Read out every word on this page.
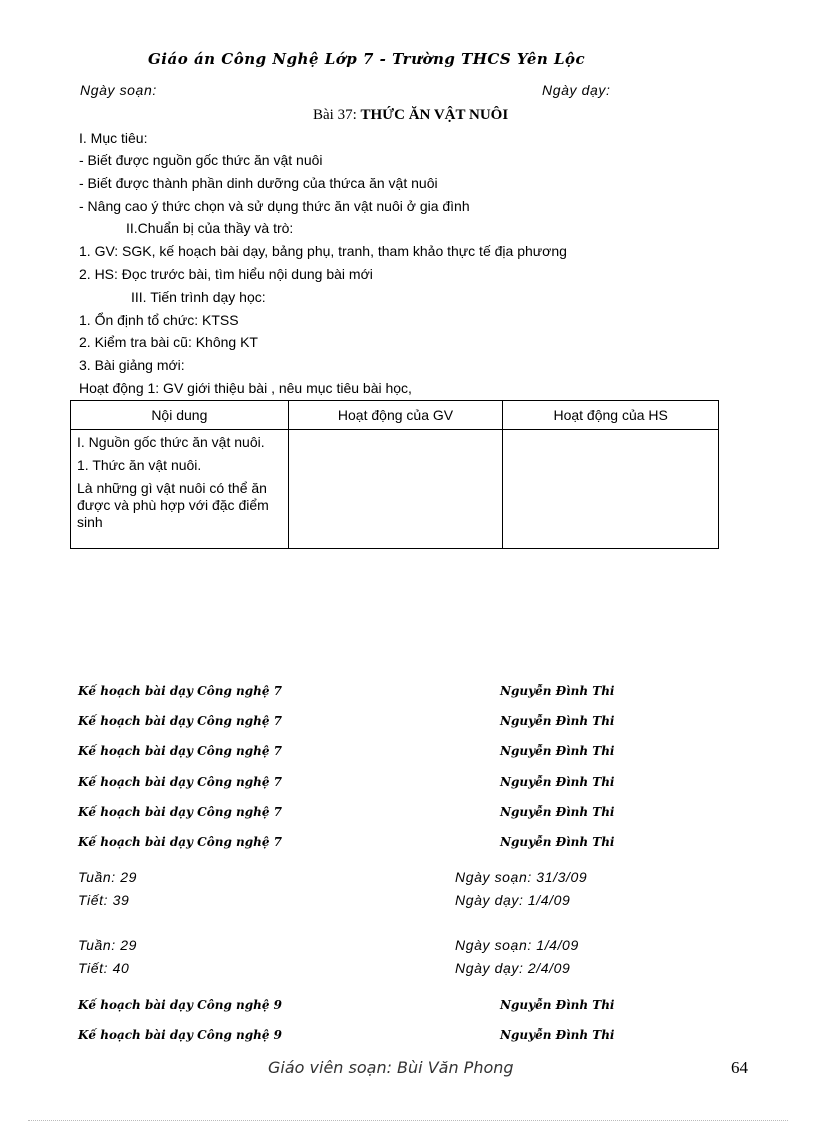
Giáo án Công Nghệ Lớp 7 - Trường THCS Yên Lộc
Ngày soạn:	Ngày dạy:
Bài 37: THỨC ĂN VẬT NUÔI
I. Mục tiêu:
- Biết được nguồn gốc thức ăn vật nuôi
- Biết được thành phần dinh dưỡng của thứca ăn vật nuôi
- Nâng cao ý thức chọn và sử dụng thức ăn vật nuôi ở gia đình
II.Chuẩn bị của thầy và trò:
1. GV: SGK, kế hoạch bài dạy, bảng phụ, tranh, tham khảo thực tế địa phương
2. HS: Đọc trước bài, tìm hiểu nội dung bài mới
III. Tiến trình dạy học:
1. Ổn định tổ chức: KTSS
2. Kiểm tra bài cũ: Không KT
3. Bài giảng mới:
Hoạt động 1: GV giới thiệu bài , nêu mục tiêu bài học,
Nội dung	Hoạt động của GV	Hoạt động của HS

I. Nguồn gốc thức ăn vật nuôi.

1. Thức ăn vật nuôi.

Là những gì vật nuôi có thể ăn được và phù hợp với đặc điểm sinh		

Kế hoạch bài dạy Công nghệ 7	Nguyễn Đình Thi
Kế hoạch bài dạy Công nghệ 7	Nguyễn Đình Thi
Kế hoạch bài dạy Công nghệ 7	Nguyễn Đình Thi
Kế hoạch bài dạy Công nghệ 7	Nguyễn Đình Thi
Kế hoạch bài dạy Công nghệ 7	Nguyễn Đình Thi
Kế hoạch bài dạy Công nghệ 7	Nguyễn Đình Thi
Tuần: 29	Ngày soạn: 31/3/09
Tiết: 39	Ngày dạy: 1/4/09
Tuần: 29	Ngày soạn: 1/4/09
Tiết: 40	Ngày dạy: 2/4/09
Kế hoạch bài dạy Công nghệ 9	Nguyễn Đình Thi
Kế hoạch bài dạy Công nghệ 9	Nguyễn Đình Thi
Giáo viên soạn: Bùi Văn Phong	64
